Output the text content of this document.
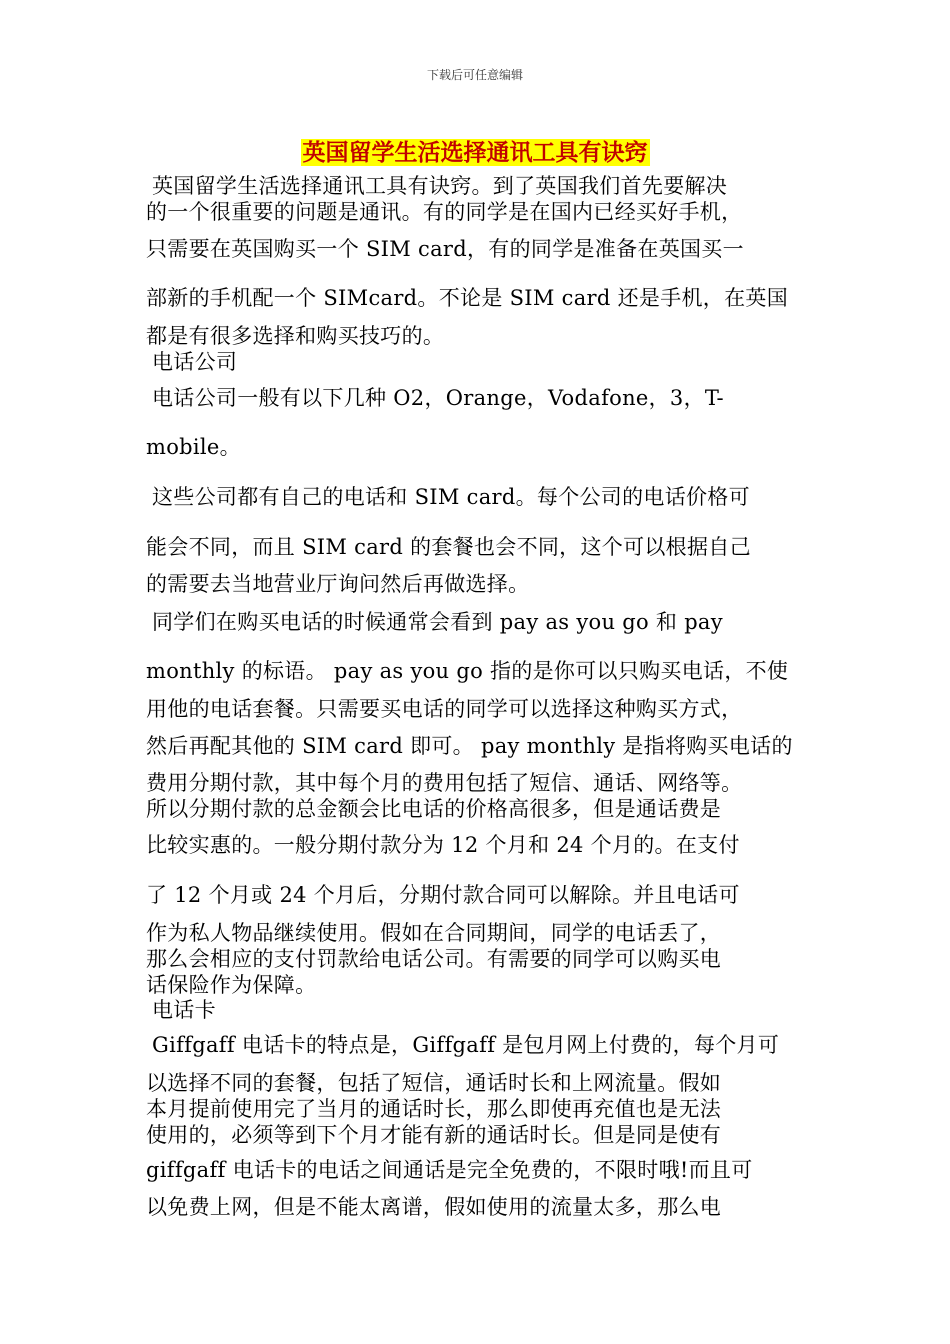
下载后可任意编辑
英国留学生活选择通讯工具有诀窍
英国留学生活选择通讯工具有诀窍。到了英国我们首先要解决
的一个很重要的问题是通讯。有的同学是在国内已经买好手机，
只需要在英国购买一个 SIM card，有的同学是准备在英国买一
部新的手机配一个 SIMcard。不论是 SIM card 还是手机，在英国
都是有很多选择和购买技巧的。
电话公司
电话公司一般有以下几种 O2，Orange，Vodafone，3，T-
mobile。
这些公司都有自己的电话和 SIM card。每个公司的电话价格可
能会不同，而且 SIM card 的套餐也会不同，这个可以根据自己
的需要去当地营业厅询问然后再做选择。
同学们在购买电话的时候通常会看到 pay as you go 和 pay
monthly 的标语。 pay as you go 指的是你可以只购买电话，不使
用他的电话套餐。只需要买电话的同学可以选择这种购买方式，
然后再配其他的 SIM card 即可。 pay monthly 是指将购买电话的
费用分期付款，其中每个月的费用包括了短信、通话、网络等。
所以分期付款的总金额会比电话的价格高很多，但是通话费是
比较实惠的。一般分期付款分为 12 个月和 24 个月的。在支付
了 12 个月或 24 个月后，分期付款合同可以解除。并且电话可
作为私人物品继续使用。假如在合同期间，同学的电话丢了，
那么会相应的支付罚款给电话公司。有需要的同学可以购买电
话保险作为保障。
电话卡
Giffgaff 电话卡的特点是，Giffgaff 是包月网上付费的，每个月可
以选择不同的套餐，包括了短信，通话时长和上网流量。假如
本月提前使用完了当月的通话时长，那么即使再充值也是无法
使用的，必须等到下个月才能有新的通话时长。但是同是使有
giffgaff 电话卡的电话之间通话是完全免费的，不限时哦!而且可
以免费上网，但是不能太离谱，假如使用的流量太多，那么电
